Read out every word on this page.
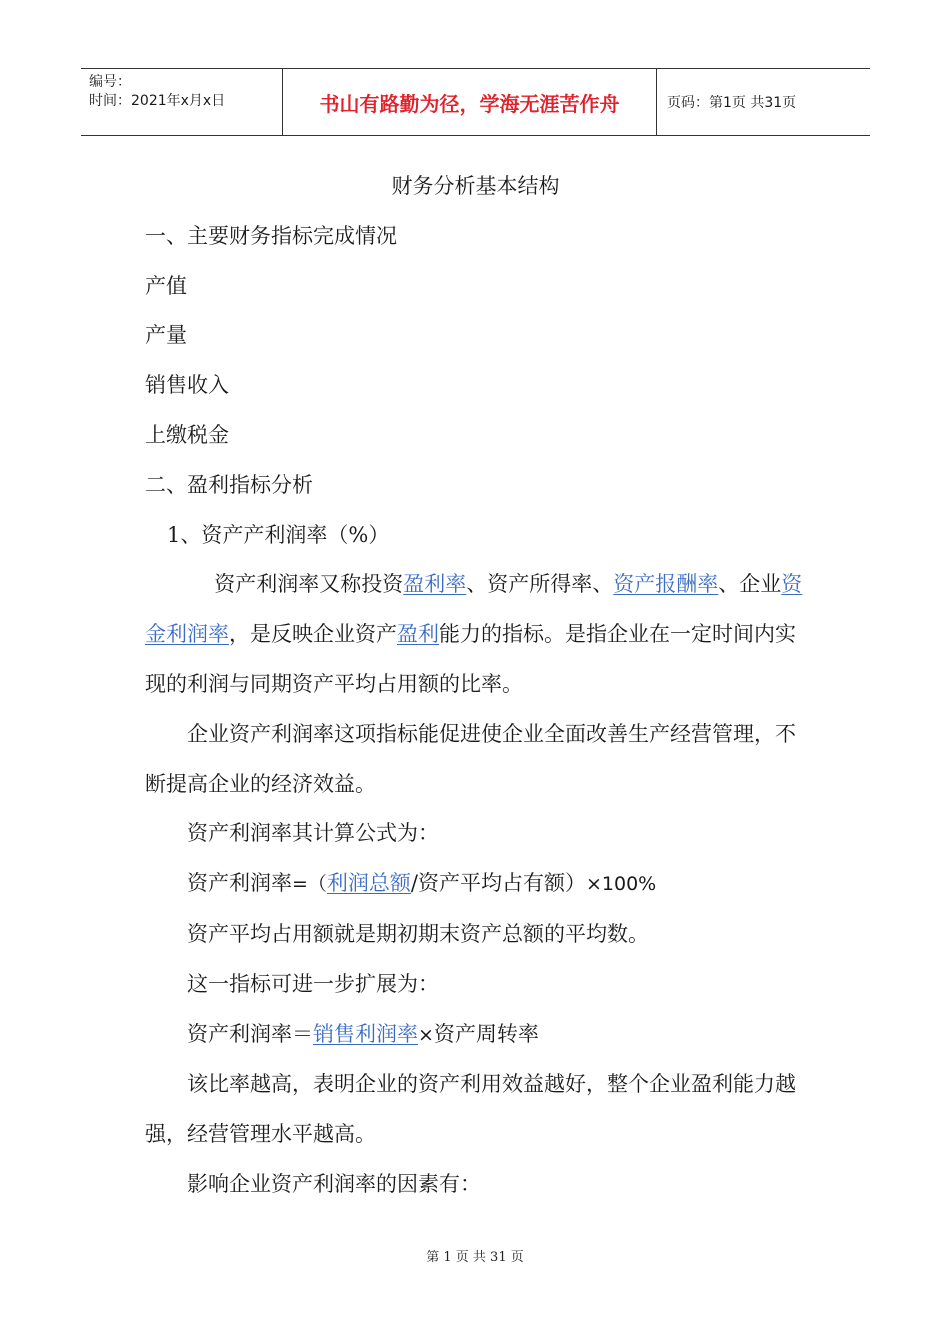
编号：
时间：2021年x月x日	书山有路勤为径，学海无涯苦作舟	页码：第1页 共31页

财务分析基本结构

一、主要财务指标完成情况

产值

产量

销售收入

上缴税金

二、盈利指标分析

1、资产产利润率（%）

资产利润率又称投资盈利率、资产所得率、资产报酬率、企业资金利润率，是反映企业资产盈利能力的指标。是指企业在一定时间内实现的利润与同期资产平均占用额的比率。

企业资产利润率这项指标能促进使企业全面改善生产经营管理，不断提高企业的经济效益。

资产利润率其计算公式为：

资产利润率=（利润总额/资产平均占有额）×100%

资产平均占用额就是期初期末资产总额的平均数。

这一指标可进一步扩展为：

资产利润率＝销售利润率×资产周转率

该比率越高，表明企业的资产利用效益越好，整个企业盈利能力越强，经营管理水平越高。

影响企业资产利润率的因素有：

第 1 页 共 31 页
